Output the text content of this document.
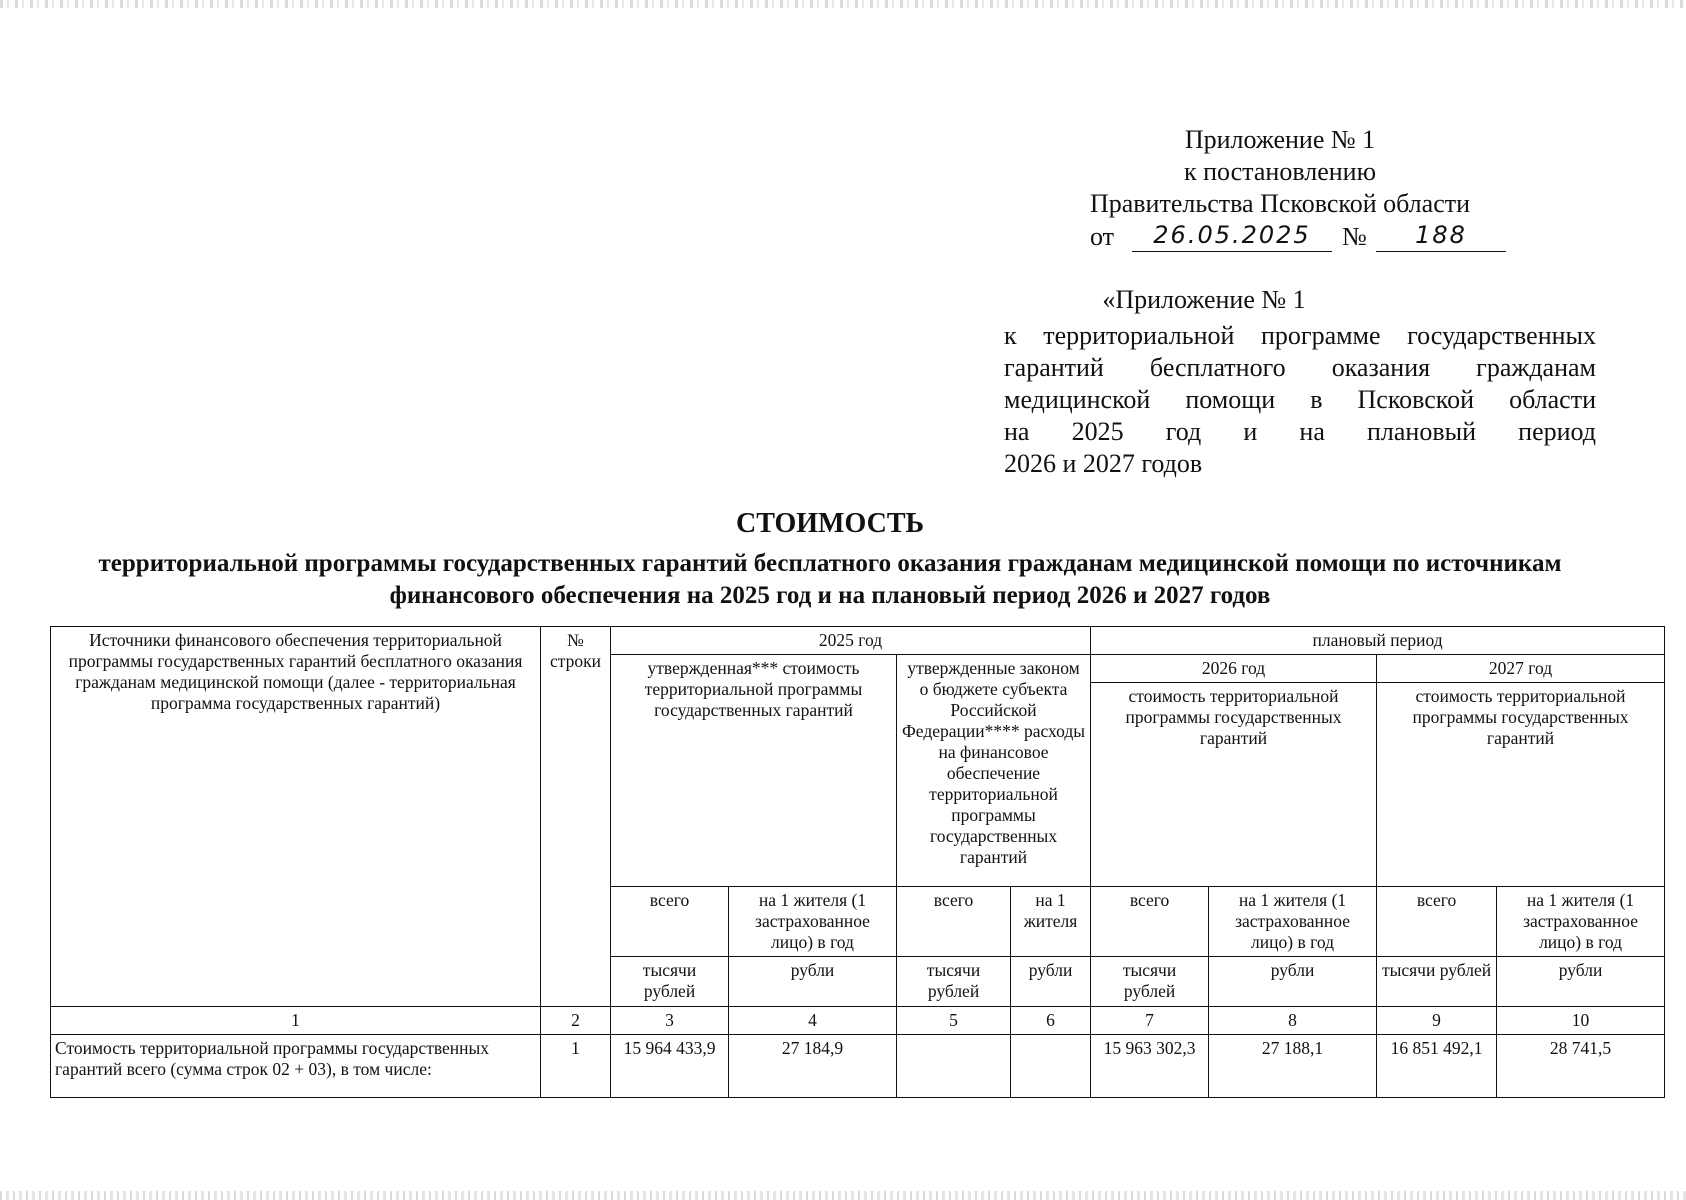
Приложение № 1
к постановлению
Правительства Псковской области
от	26.05.2025	№	188
«Приложение № 1
к территориальной программе государственных
гарантий бесплатного оказания гражданам
медицинской помощи в Псковской области
на 2025 год и на плановый период
2026 и 2027 годов
СТОИМОСТЬ
территориальной программы государственных гарантий бесплатного оказания гражданам медицинской помощи по источникам финансового обеспечения на 2025 год и на плановый период 2026 и 2027 годов
Источники финансового обеспечения территориальной программы государственных гарантий бесплатного оказания гражданам медицинской помощи (далее - территориальная программа государственных гарантий)	№ строки	2025 год				плановый период			
		утвержденная*** стоимость территориальной программы государственных гарантий		утвержденные законом о бюджете субъекта Российской Федерации**** расходы на финансовое обеспечение территориальной программы государственных гарантий		2026 год		2027 год	
						стоимость территориальной программы государственных гарантий		стоимость территориальной программы государственных гарантий	
		всего	на 1 жителя (1 застрахованное лицо) в год	всего	на 1 жителя	всего	на 1 жителя (1 застрахованное лицо) в год	всего	на 1 жителя (1 застрахованное лицо) в год
		тысячи рублей	рубли	тысячи рублей	рубли	тысячи рублей	рубли	тысячи рублей	рубли
1	2	3	4	5	6	7	8	9	10
Стоимость территориальной программы государственных гарантий всего (сумма строк 02 + 03), в том числе:	1	15 964 433,9	27 184,9			15 963 302,3	27 188,1	16 851 492,1	28 741,5
